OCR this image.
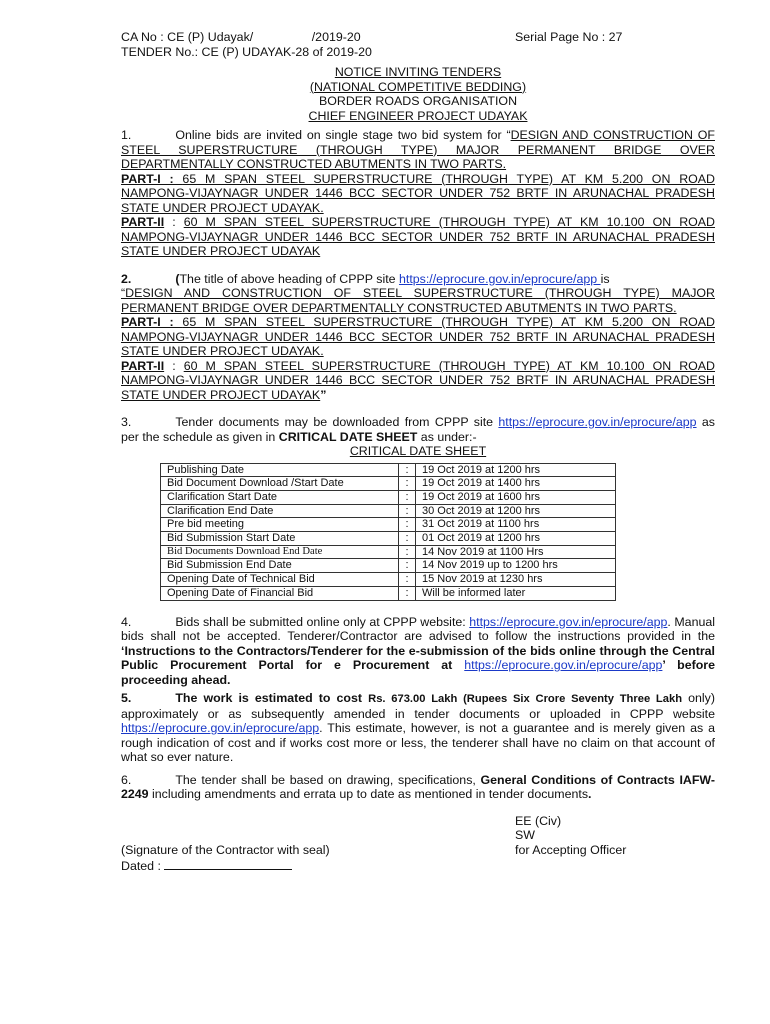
CA No : CE (P) Udayak/                 /2019-20	Serial Page No : 27
TENDER No.: CE (P) UDAYAK-28 of 2019-20
NOTICE INVITING TENDERS
(NATIONAL COMPETITIVE BEDDING)
BORDER ROADS ORGANISATION
CHIEF ENGINEER PROJECT UDAYAK

1.	Online bids are invited on single stage two bid system for “DESIGN AND CONSTRUCTION OF STEEL SUPERSTRUCTURE (THROUGH TYPE) MAJOR PERMANENT BRIDGE OVER DEPARTMENTALLY CONSTRUCTED ABUTMENTS IN TWO PARTS.
PART-I : 65 M SPAN STEEL SUPERSTRUCTURE (THROUGH TYPE) AT KM 5.200 ON ROAD NAMPONG-VIJAYNAGR UNDER 1446 BCC SECTOR UNDER 752 BRTF IN ARUNACHAL PRADESH STATE UNDER PROJECT UDAYAK.
PART-II : 60 M SPAN STEEL SUPERSTRUCTURE (THROUGH TYPE) AT KM 10.100 ON ROAD NAMPONG-VIJAYNAGR UNDER 1446 BCC SECTOR UNDER 752 BRTF IN ARUNACHAL PRADESH STATE UNDER PROJECT UDAYAK

2.	(The title of above heading of CPPP site https://eprocure.gov.in/eprocure/app is
“DESIGN AND CONSTRUCTION OF STEEL SUPERSTRUCTURE (THROUGH TYPE) MAJOR PERMANENT BRIDGE OVER DEPARTMENTALLY CONSTRUCTED ABUTMENTS IN TWO PARTS.
PART-I : 65 M SPAN STEEL SUPERSTRUCTURE (THROUGH TYPE) AT KM 5.200 ON ROAD NAMPONG-VIJAYNAGR UNDER 1446 BCC SECTOR UNDER 752 BRTF IN ARUNACHAL PRADESH STATE UNDER PROJECT UDAYAK.
PART-II : 60 M SPAN STEEL SUPERSTRUCTURE (THROUGH TYPE) AT KM 10.100 ON ROAD NAMPONG-VIJAYNAGR UNDER 1446 BCC SECTOR UNDER 752 BRTF IN ARUNACHAL PRADESH STATE UNDER PROJECT UDAYAK”

3.	Tender documents may be downloaded from CPPP site https://eprocure.gov.in/eprocure/app as per the schedule as given in CRITICAL DATE SHEET as under:-

CRITICAL DATE SHEET
Publishing Date	:	19 Oct 2019 at 1200 hrs
Bid Document Download /Start Date	:	19 Oct 2019 at 1400 hrs
Clarification Start Date	:	19 Oct 2019 at 1600 hrs
Clarification End Date	:	30 Oct 2019 at 1200 hrs
Pre bid meeting	:	31 Oct 2019 at 1100 hrs
Bid Submission Start Date	:	01 Oct 2019 at 1200 hrs
Bid Documents Download End Date	:	14 Nov 2019 at 1100 Hrs
Bid Submission End Date	:	14 Nov 2019 up to 1200 hrs
Opening Date of Technical Bid	:	15 Nov 2019 at 1230 hrs
Opening Date of Financial Bid	:	Will be informed later

4.	Bids shall be submitted online only at CPPP website: https://eprocure.gov.in/eprocure/app. Manual bids shall not be accepted. Tenderer/Contractor are advised to follow the instructions provided in the ‘Instructions to the Contractors/Tenderer for the e-submission of the bids online through the Central Public Procurement Portal for e Procurement at https://eprocure.gov.in/eprocure/app’ before proceeding ahead.

5.	The work is estimated to cost Rs. 673.00 Lakh (Rupees Six Crore Seventy Three Lakh only) approximately or as subsequently amended in tender documents or uploaded in CPPP website https://eprocure.gov.in/eprocure/app. This estimate, however, is not a guarantee and is merely given as a rough indication of cost and if works cost more or less, the tenderer shall have no claim on that account of what so ever nature.

6.	The tender shall be based on drawing, specifications, General Conditions of Contracts IAFW-2249 including amendments and errata up to date as mentioned in tender documents.

EE (Civ)
SW
for Accepting Officer
(Signature of the Contractor with seal)
Dated :
